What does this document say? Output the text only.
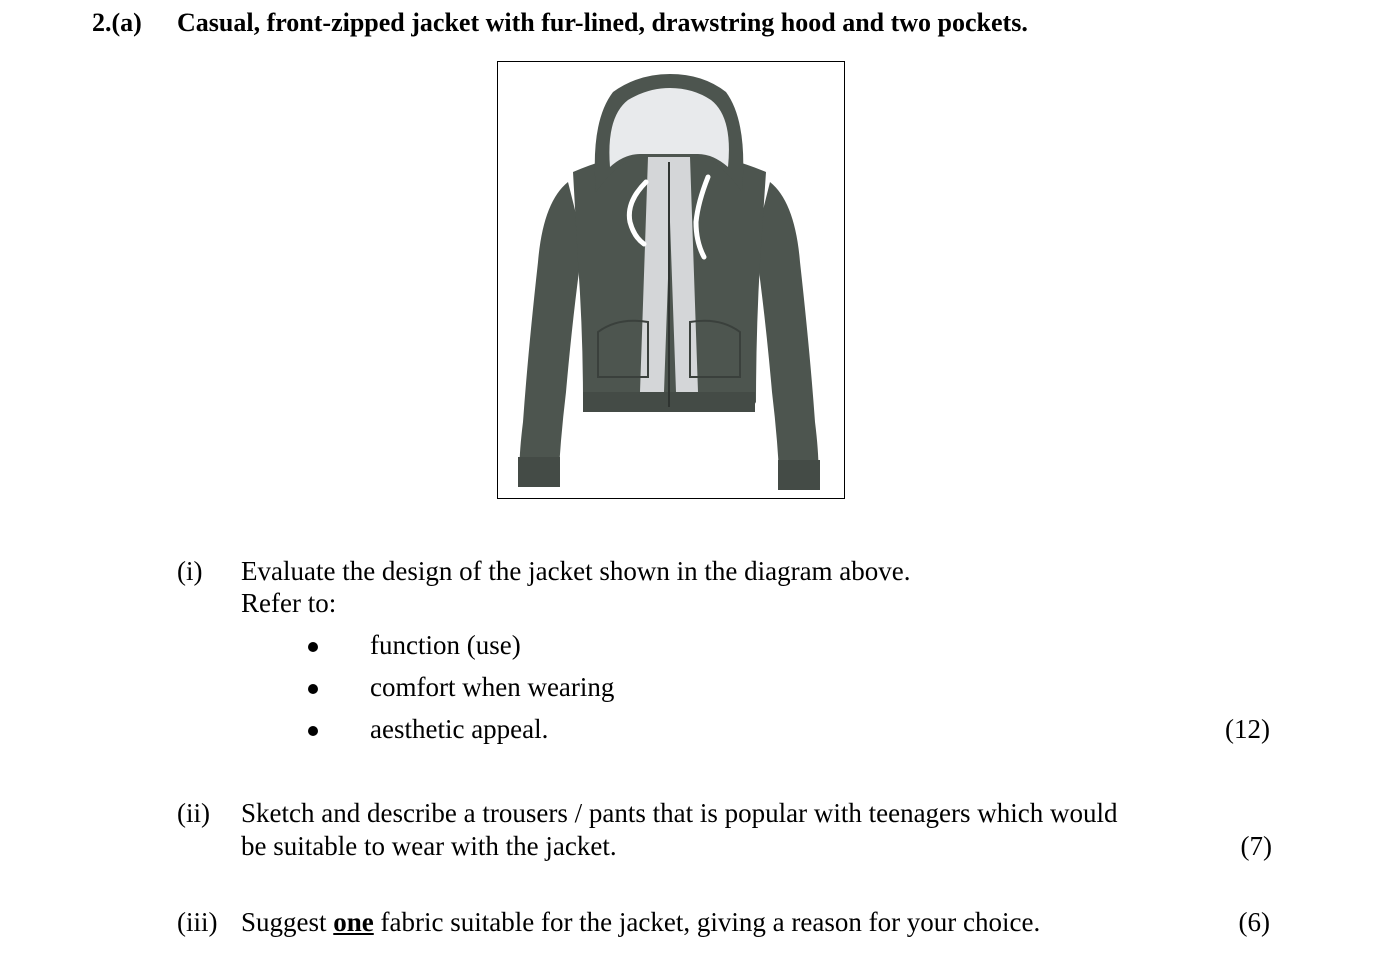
2.(a) Casual, front-zipped jacket with fur-lined, drawstring hood and two pockets.
(i) Evaluate the design of the jacket shown in the diagram above.
Refer to:
function (use)
comfort when wearing
aesthetic appeal.	(12)
(ii) Sketch and describe a trousers / pants that is popular with teenagers which would
be suitable to wear with the jacket.	(7)
(iii) Suggest one fabric suitable for the jacket, giving a reason for your choice.	(6)
